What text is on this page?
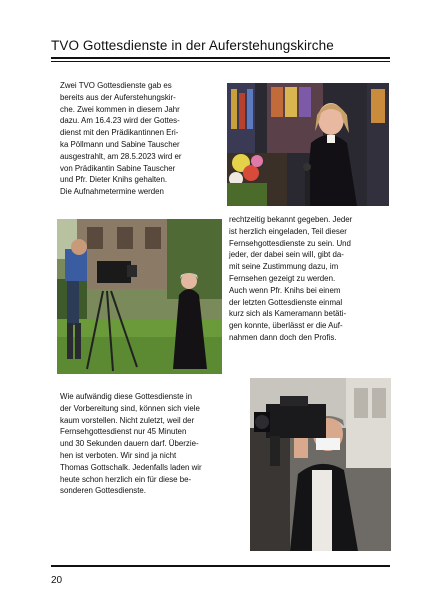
TVO Gottesdienste in der Auferstehungskirche

Zwei TVO Gottesdienste gab es
bereits aus der Auferstehungskir-
che. Zwei kommen in diesem Jahr
dazu. Am 16.4.23 wird der Gottes-
dienst mit den Prädikantinnen Eri-
ka Pöllmann und Sabine Tauscher
ausgestrahlt, am 28.5.2023 wird er
von Prädikantin Sabine Tauscher
und Pfr. Dieter Knihs gehalten.
Die Aufnahmetermine werden

rechtzeitig bekannt gegeben. Jeder
ist herzlich eingeladen, Teil dieser
Fernsehgottesdienste zu sein. Und
jeder, der dabei sein will, gibt da-
mit seine Zustimmung dazu, im
Fernsehen gezeigt zu werden.
Auch wenn Pfr. Knihs bei einem
der letzten Gottesdienste einmal
kurz sich als Kameramann betäti-
gen konnte, überlässt er die Auf-
nahmen dann doch den Profis.

Wie aufwändig diese Gottesdienste in
der Vorbereitung sind, können sich viele
kaum vorstellen. Nicht zuletzt, weil der
Fernsehgottesdienst nur 45 Minuten
und 30 Sekunden dauern darf. Überzie-
hen ist verboten. Wir sind ja nicht
Thomas Gottschalk. Jedenfalls laden wir
heute schon herzlich ein für diese be-
sonderen Gottesdienste.

20
